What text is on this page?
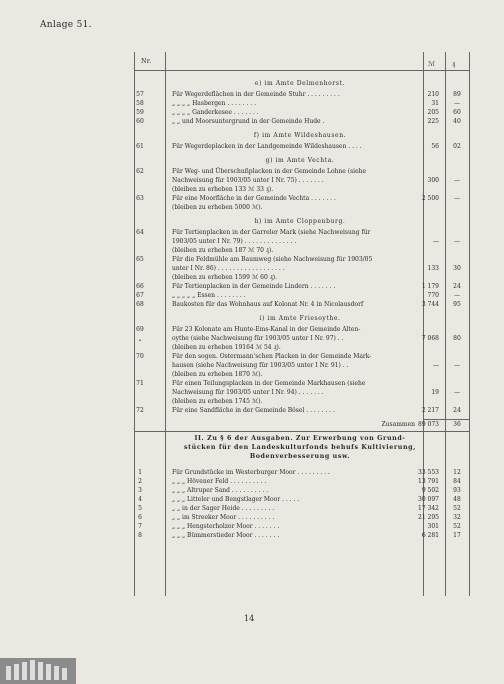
Anlage 51.
Nr.	ℳ	₰
e) im Amte Delmenhorst.
57	Für Wegerdeflächen in der Gemeinde Stuhr . . . . . . . . .	210	89
58	„ „ „ „ Hasbergen . . . . . . . .	31	—
59	„ „ „ „ Ganderkesee . . . . . . .	205	60
60	„ „ und Moorsuntergrund in der Gemeinde Hude .	225	40
f) im Amte Wildeshausen.
61	Für Wegerdeplacken in der Landgemeinde Wildeshausen . . . .	56	02
g) im Amte Vechta.
62	Für Weg- und Überschußplacken in der Gemeinde Lohne (siehe
Nachweisung für 1903/05 unter I Nr. 75) . . . . . . .	300	—
(bleiben zu erheben 133 ℳ 33 ₰).
63	Für eine Moorfläche in der Gemeinde Vechta . . . . . . .	2 500	—
(bleiben zu erheben 5000 ℳ).
h) im Amte Cloppenburg.
64	Für Tertienplacken in der Garreler Mark (siehe Nachweisung für
1903/05 unter I Nr. 79) . . . . . . . . . . . . . .	—	—
(bleiben zu erheben 187 ℳ 70 ₰).
65	Für die Feldmühle am Baumweg (siehe Nachweisung für 1903/05
unter I Nr. 86) . . . . . . . . . . . . . . . . . .	133	30
(bleiben zu erheben 1599 ℳ 60 ₰).
66	Für Tertienplacken in der Gemeinde Lindern . . . . . . .	1 179	24
67	„ „ „ „ „ Essen . . . . . . . .	770	—
68	Baukosten für das Wohnhaus auf Kolonat Nr. 4 in Nicolausdorf	3 744	95
i) im Amte Friesoythe.
69	Für 23 Kolonate am Hunte-Ems-Kanal in der Gemeinde Alten-
„	oythe (siehe Nachweisung für 1903/05 unter I Nr. 97) . .	7 068	80
(bleiben zu erheben 19164 ℳ 54 ₰).
70	Für den sogen. Ostermann'schen Placken in der Gemeinde Mark-
hausen (siehe Nachweisung für 1903/05 unter I Nr. 91) . .	—	—
(bleiben zu erheben 1870 ℳ).
71	Für einen Teilungsplacken in der Gemeinde Markhausen (siehe
Nachweisung für 1903/05 unter I Nr. 94) . . . . . . .	19	—
(bleiben zu erheben 1745 ℳ).
72	Für eine Sandfläche in der Gemeinde Bösel . . . . . . . .	2 217	24
Zusammen 89 073	36
II. Zu § 6 der Ausgaben. Zur Erwerbung von Grund-
stücken für den Landeskulturfonds behufs Kultivierung,
Bodenverbesserung usw.
1	Für Grundstücke im Westerburger Moor . . . . . . . . .	33 553	12
2	„ „ „ Hövener Feld . . . . . . . . . .	13 791	84
3	„ „ „ Altruper Sand . . . . . . . . . .	9 502	93
4	„ „ „ Litteler und Bengstlager Moor . . . . .	30 097	48
5	„ „ in der Sager Heide . . . . . . . . .	17 342	52
6	„ „ im Streeker Moor . . . . . . . . . .	21 295	32
7	„ „ „ Hengsterholzer Moor . . . . . . .	301	52
8	„ „ „ Bümmerstieder Moor . . . . . . .	6 281	17
14
